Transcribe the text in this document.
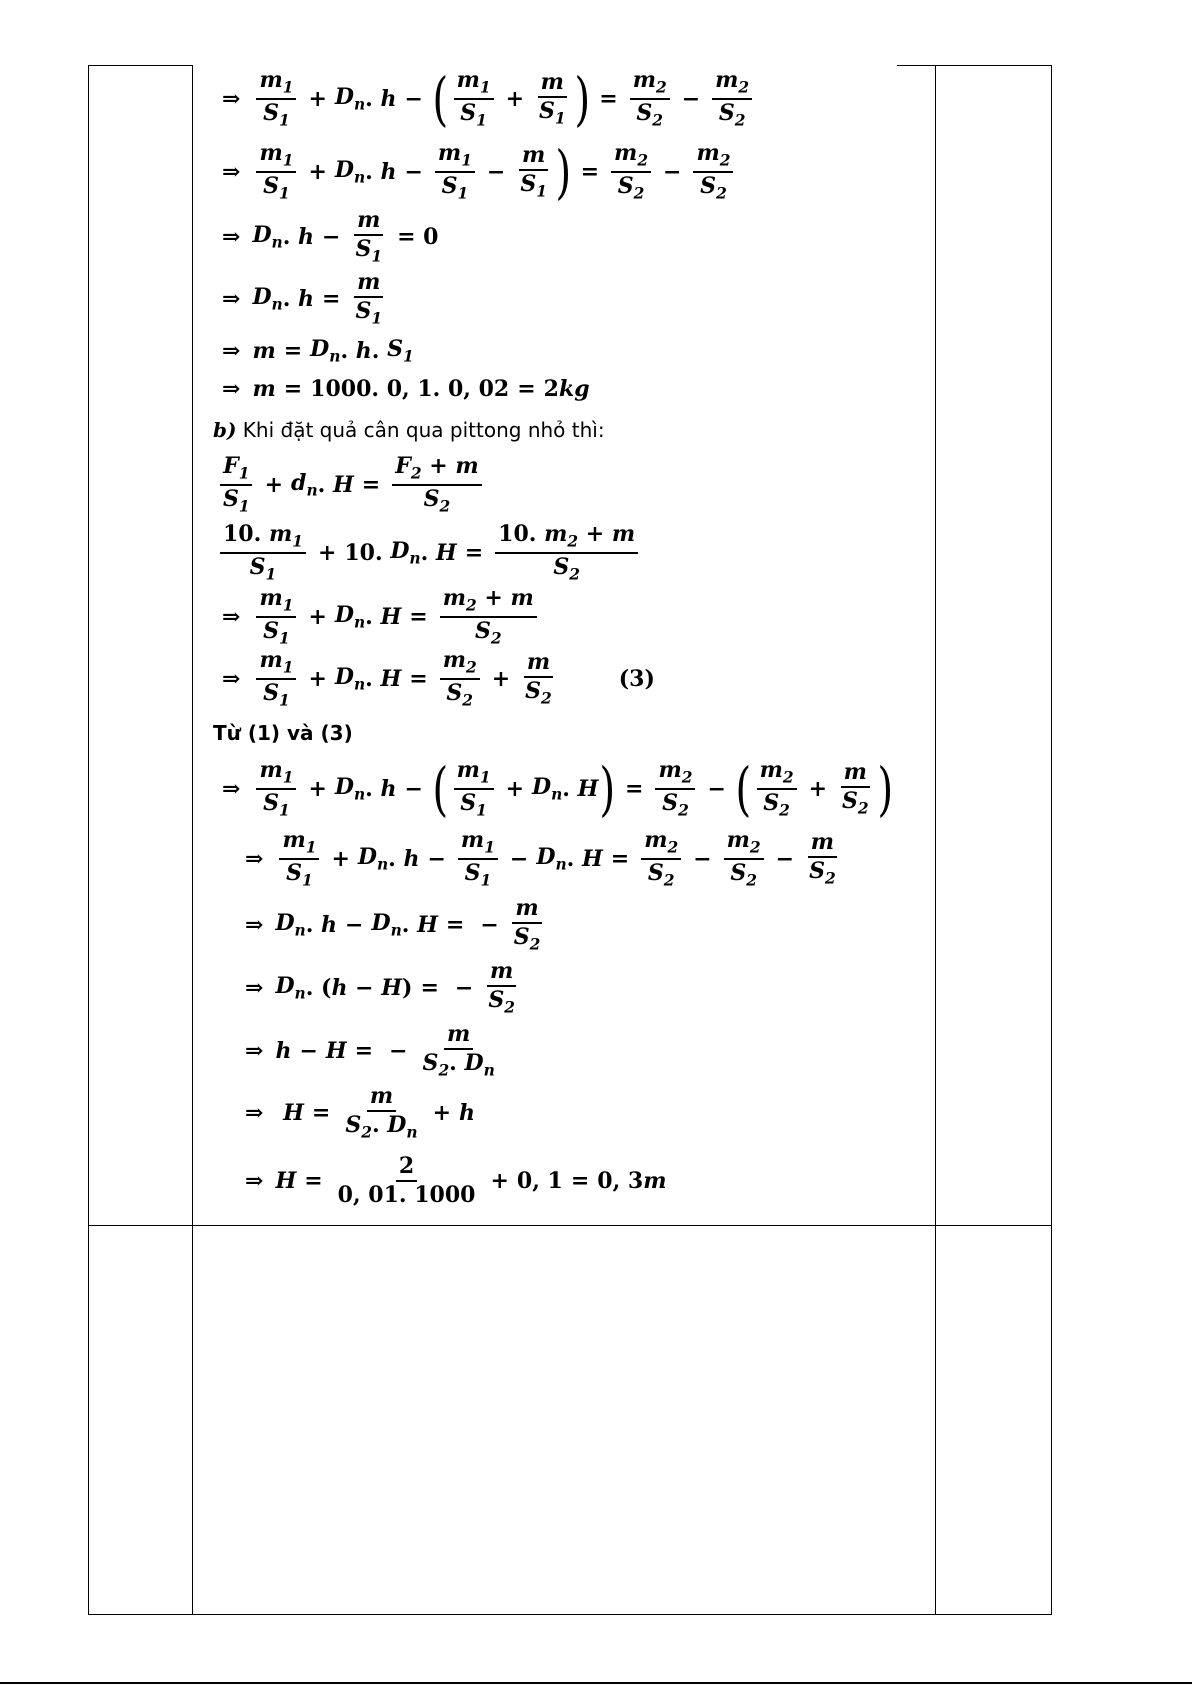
⇒ $\frac{m_1}{S_1} + D_n$ . h − ( $\frac{m_1}{S_1} + \frac{m}{S_1}$ ) = $\frac{m_2}{S_2} - \frac{m_2}{S_2}$
⇒ $\frac{m_1}{S_1} + D_n$ . $h - \frac{m_1}{S_1} - \frac{m}{S_1}$ ) = $\frac{m_2}{S_2} - \frac{m_2}{S_2}$
⇒ $D_n$ . $h - \frac{m}{S_1} = 0$
⇒ $D_n$ . $h = \frac{m}{S_1}$
⇒ $m = D_n$ . h . $S_1$
⇒ m = 1000. 0, 1. 0, 02 = 2 kg
b) Khi đặt quả cân qua pittong nhỏ thì:
$\frac{F_1}{S_1} + d_n$ . $H = \frac{F_2 + m}{S_2}$
$\frac{10. m_1}{S_1} + 10$. $D_n$ . $H = \frac{10. m_2 + m}{S_2}$
⇒ $\frac{m_1}{S_1} + D_n$ . $H = \frac{m_2 + m}{S_2}$
⇒ $\frac{m_1}{S_1} + D_n$ . $H = \frac{m_2}{S_2} + \frac{m}{S_2}$	(3)
Từ (1) và (3)
⇒ $\frac{m_1}{S_1} + D_n$ . h − ( $\frac{m_1}{S_1} + D_n$ . H ) = $\frac{m_2}{S_2}$ − ( $\frac{m_2}{S_2} + \frac{m}{S_2}$ )
⇒ $\frac{m_1}{S_1} + D_n$ . $h - \frac{m_1}{S_1} - D_n$ . $H = \frac{m_2}{S_2} - \frac{m_2}{S_2} - \frac{m}{S_2}$
⇒ $D_n$ . $h - D_n$ . H = − $\frac{m}{S_2}$
⇒ $D_n$ . ( h − H ) = − $\frac{m}{S_2}$
⇒ h − H = − $\frac{m}{S_2. D_n}$
⇒
$H = \frac{m}{S_2. D_n} + h$
⇒ $H = \frac{2}{0, 01. 1000} + 0$, 1 = 0, 3 m
